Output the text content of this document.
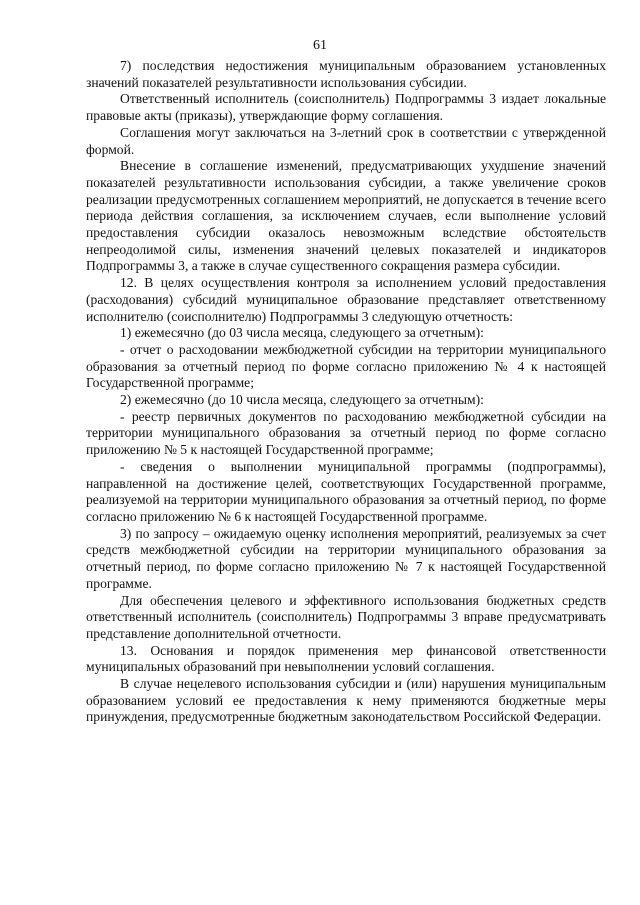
61

7) последствия недостижения муниципальным образованием установленных значений показателей результативности использования субсидии.

Ответственный исполнитель (соисполнитель) Подпрограммы 3 издает локальные правовые акты (приказы), утверждающие форму соглашения.

Соглашения могут заключаться на 3-летний срок в соответствии с утвержденной формой.

Внесение в соглашение изменений, предусматривающих ухудшение значений показателей результативности использования субсидии, а также увеличение сроков реализации предусмотренных соглашением мероприятий, не допускается в течение всего периода действия соглашения, за исключением случаев, если выполнение условий предоставления субсидии оказалось невозможным вследствие обстоятельств непреодолимой силы, изменения значений целевых показателей и индикаторов Подпрограммы 3, а также в случае существенного сокращения размера субсидии.

12. В целях осуществления контроля за исполнением условий предоставления (расходования) субсидий муниципальное образование представляет ответственному исполнителю (соисполнителю) Подпрограммы 3 следующую отчетность:

1) ежемесячно (до 03 числа месяца, следующего за отчетным):

- отчет о расходовании межбюджетной субсидии на территории муниципального образования за отчетный период по форме согласно приложению № 4 к настоящей Государственной программе;

2) ежемесячно (до 10 числа месяца, следующего за отчетным):

- реестр первичных документов по расходованию межбюджетной субсидии на территории муниципального образования за отчетный период по форме согласно приложению № 5 к настоящей Государственной программе;

- сведения о выполнении муниципальной программы (подпрограммы), направленной на достижение целей, соответствующих Государственной программе, реализуемой на территории муниципального образования за отчетный период, по форме согласно приложению № 6 к настоящей Государственной программе.

3) по запросу – ожидаемую оценку исполнения мероприятий, реализуемых за счет средств межбюджетной субсидии на территории муниципального образования за отчетный период, по форме согласно приложению № 7 к настоящей Государственной программе.

Для обеспечения целевого и эффективного использования бюджетных средств ответственный исполнитель (соисполнитель) Подпрограммы 3 вправе предусматривать представление дополнительной отчетности.

13. Основания и порядок применения мер финансовой ответственности муниципальных образований при невыполнении условий соглашения.

В случае нецелевого использования субсидии и (или) нарушения муниципальным образованием условий ее предоставления к нему применяются бюджетные меры принуждения, предусмотренные бюджетным законодательством Российской Федерации.
